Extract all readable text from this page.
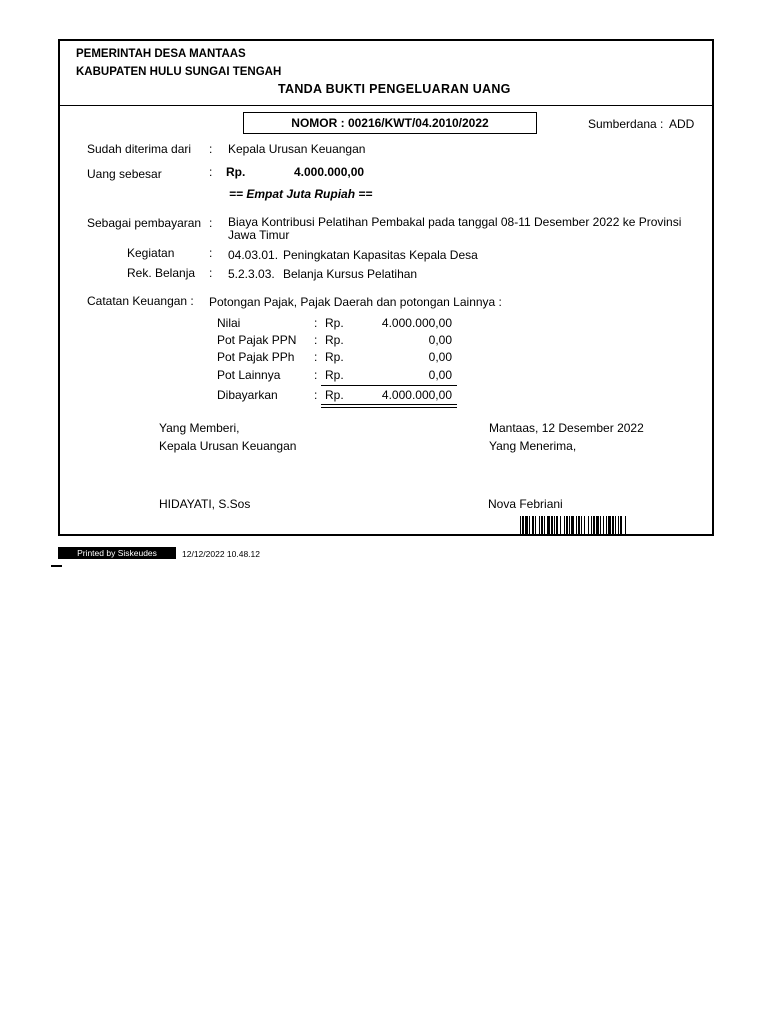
PEMERINTAH DESA MANTAAS
KABUPATEN HULU SUNGAI TENGAH
TANDA BUKTI PENGELUARAN UANG
NOMOR : 00216/KWT/04.2010/2022	Sumberdana : ADD
Sudah diterima dari : Kepala Urusan Keuangan
Uang sebesar	: Rp.	4.000.000,00
== Empat Juta Rupiah ==
Sebagai pembayaran : Biaya Kontribusi Pelatihan Pembakal pada tanggal 08-11 Desember 2022 ke Provinsi Jawa Timur
Kegiatan	: 04.03.01. Peningkatan Kapasitas Kepala Desa
Rek. Belanja : 5.2.3.03. Belanja Kursus Pelatihan
Catatan Keuangan : Potongan Pajak, Pajak Daerah dan potongan Lainnya :
Nilai	: Rp.	4.000.000,00
Pot Pajak PPN : Rp.	0,00
Pot Pajak PPh : Rp.	0,00
Pot Lainnya	: Rp.	0,00
Dibayarkan	: Rp.	4.000.000,00
Yang Memberi,
Kepala Urusan Keuangan
HIDAYATI, S.Sos
Mantaas, 12 Desember 2022
Yang Menerima,
Nova Febriani
Printed by Siskeudes	12/12/2022 10.48.12
